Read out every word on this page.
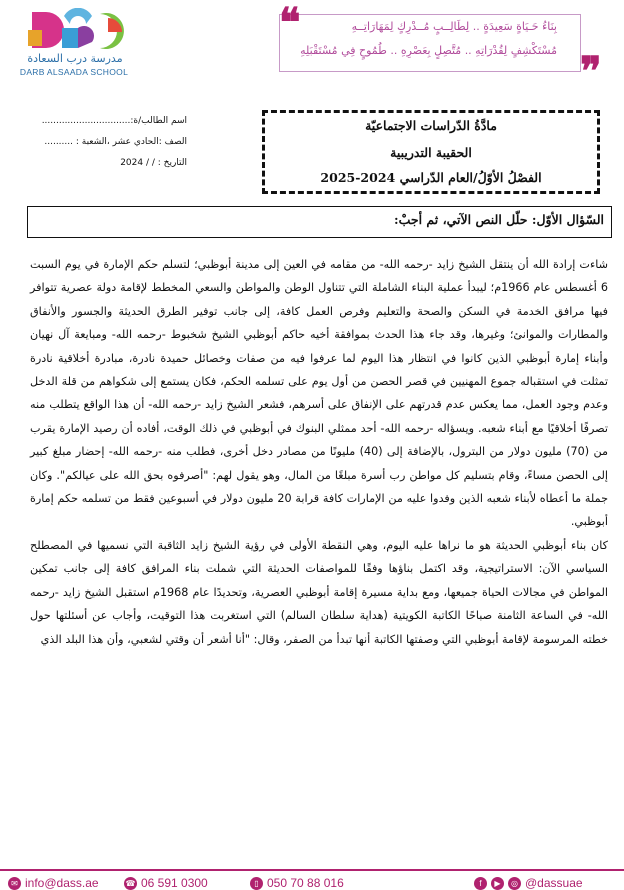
مدرسة درب السعادة
DARB ALSAADA SCHOOL
❝
❞
بِنَاءُ حَـيَاةٍ سَعِيدَةٍ .. لِطَالِــبٍ مُــدْرِكٍ لِمَهَارَاتِــهِ
مُسْتَكْشِفٍ لِقُدْرَاتِهِ .. مُتَّصِلٍ بِعَصْرِهِ .. طُمُوحٍ فِي مُسْتَقْبَلِهِ
مادَّةُ الدّراسات الاجتماعيّة
الحقيبة التدريبية
الفصْلُ الأوّلُ/العام الدّراسي 2024-2025
اسم الطالب/ة:...............................
الصف :الحادي عشر ،الشعبة : ..........
التاريخ : / / 2024
السّؤال الأوّل: حلّل النص الآتي، ثم أجبْ:

شاءت إرادة الله أن ينتقل الشيخ زايد -رحمه الله- من مقامه في العين إلى مدينة أبوظبي؛ لتسلم حكم الإمارة في يوم السبت 6 أغسطس عام 1966م؛ ليبدأ عملية البناء الشاملة التي تتناول الوطن والمواطن والسعي المخطط لإقامة دولة عصرية تتوافر فيها مرافق الخدمة في السكن والصحة والتعليم وفرص العمل كافة، إلى جانب توفير الطرق الحديثة والجسور والأنفاق والمطارات والموانئ؛ وغيرها، وقد جاء هذا الحدث بموافقة أخيه حاكم أبوظبي الشيخ شخبوط -رحمه الله- ومبايعة آل نهيان وأبناء إمارة أبوظبي الذين كانوا في انتظار هذا اليوم لما عرفوا فيه من صفات وخصائل حميدة نادرة، مبادرة أخلاقية نادرة تمثلت في استقباله جموع المهنيين في قصر الحصن من أول يوم على تسلمه الحكم، فكان يستمع إلى شكواهم من قلة الدخل وعدم وجود العمل، مما يعكس عدم قدرتهم على الإنفاق على أسرهم، فشعر الشيخ زايد -رحمه الله- أن هذا الواقع يتطلب منه تصرفًا أخلاقيًا مع أبناء شعبه. ويسؤاله -رحمه الله- أحد ممثلي البنوك في أبوظبي في ذلك الوقت، أفاده أن رصيد الإمارة يقرب من (70) مليون دولار من البترول، بالإضافة إلى (40) مليونًا من مصادر دخل أخرى، فطلب منه -رحمه الله- إحضار مبلغ كبير إلى الحصن مساءً، وقام بتسليم كل مواطن رب أسرة مبلغًا من المال، وهو يقول لهم: "أصرفوه بحق الله على عيالكم". وكان جملة ما أعطاه لأبناء شعبه الذين وفدوا عليه من الإمارات كافة قرابة 20 مليون دولار في أسبوعين فقط من تسلمه حكم إمارة أبوظبي.

كان بناء أبوظبي الحديثة هو ما نراها عليه اليوم، وهي النقطة الأولى في رؤية الشيخ زايد الثاقبة التي نسميها في المصطلح السياسي الآن: الاستراتيجية، وقد اكتمل بناؤها وفقًا للمواصفات الحديثة التي شملت بناء المرافق كافة إلى جانب تمكين المواطن في مجالات الحياة جميعها، ومع بداية مسيرة إقامة أبوظبي العصرية، وتحديدًا عام 1968م استقبل الشيخ زايد -رحمه الله- في الساعة الثامنة صباحًا الكاتبة الكويتية (هداية سلطان السالم) التي استغربت هذا التوقيت، وأجاب عن أسئلتها حول خطته المرسومة لإقامة أبوظبي التي وصفتها الكاتبة أنها تبدأ من الصفر، وقال: "أنا أشعر أن وقتي لشعبي، وأن هذا البلد الذي

✉ info@dass.ae	☎ 06 591 0300	▯ 050 70 88 016	f ▶ ◎ @dassuae
